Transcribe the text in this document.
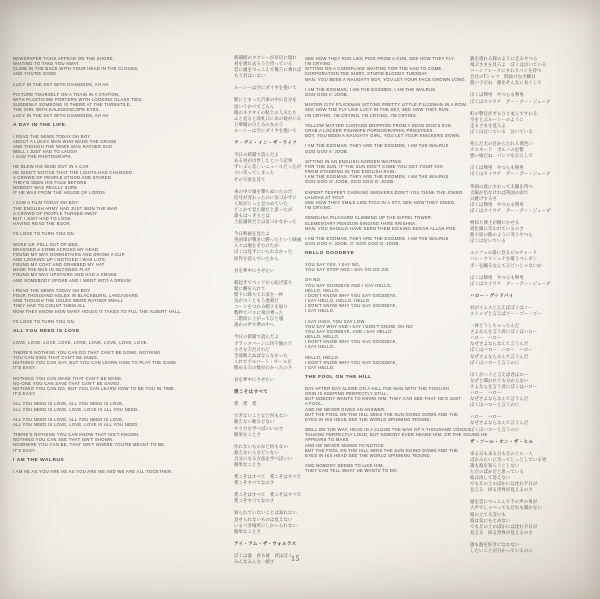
NEWSPAPER TAXIS APPEAR ON THE SHORE,
WAITING TO TAKE YOU AWAY.
CLIMB IN THE BACK WITH YOUR HEAD IN THE CLOUDS,
AND YOU'RE GONE
LUCY IN THE SKY WITH DIAMONDS, AH AH
PICTURE YOURSELF ON A TRAIN IN A STATION,
WITH PLASTICINE PORTERS WITH LOOKING GLASS TIES,
SUDDENLY SOMEONE IS THERE AT THE TURNSTILE,
THE GIRL WITH KALEIDOSCOPE EYES.
LUCY IN THE SKY WITH DIAMONDS, AH AH
A DAY IN THE LIFE.
I READ THE NEWS TODAY OH BOY
ABOUT A LUCKY MAN WHO MADE THE GRADE
AND THOUGH THE NEWS WAS RATHER SAD
WELL I JUST HAD TO LAUGH
I SAW THE PHOTOGRAPH.
HE BLEW HIS MIND OUT IN A CAR
HE DIDN'T NOTICE THAT THE LIGHTS HAD CHANGED
A CROWD OF PEOPLE STOOD AND STARED
THEY'D SEEN HIS FACE BEFORE
NOBODY WAS REALLY SURE
IF HE WAS FROM THE HOUSE OF LORDS.
I SAW A FILM TODAY OH BOY
THE ENGLISH ARMY HAD JUST WON THE WAR
A CROWD OF PEOPLE TURNED AWAY
BUT I JUST HAD TO LOOK
HAVING READ THE BOOK.
I'D LOVE TO TURN YOU ON
WOKE UP, FELL OUT OF BED,
DRAGGED A COMB ACROSS MY HEAD
FOUND MY WAY DOWNSTAIRS AND DRANK A CUP,
AND LOOKING UP I NOTICED I WAS LATE.
FOUND MY COAT AND GRABBED MY HAT
MADE THE BUS IN SECONDS FLAT
FOUND MY WAY UPSTAIRS AND HAD A SMOKE
AND SOMEBODY SPOKE AND I WENT INTO A DREAM
I READ THE NEWS TODAY OH BOY
FOUR THOUSAND HOLES IN BLACKBURN, LANCASHIRE
AND THOUGH THE HOLES WERE RATHER SMALL
THEY HAD TO COUNT THEM ALL
NOW THEY KNOW HOW MANY HOLES IT TAKES TO FILL THE ALBERT HALL.
I'D LOVE TO TURN YOU ON.
ALL YOU NEED IS LOVE
LOVE, LOVE, LOVE. LOVE, LOVE, LOVE. LOVE, LOVE, LOVE.
THERE'S NOTHING YOU CAN DO THAT CAN'T BE DONE. NOTHING
YOU CAN SING THAT CAN'T BE SUNG.
NOTHING YOU CAN SAY, BUT YOU CAN LEARN HOW TO PLAY THE GAME.
IT'S EASY.
NOTHING YOU CAN MAKE THAT CAN'T BE MADE.
NO-ONE YOU CAN SAVE THAT CAN'T BE SAVED.
NOTHING YOU CAN DO, BUT YOU CAN LEARN HOW TO BE YOU IN TIME.
IT'S EASY.
ALL YOU NEED IS LOVE, ALL YOU NEED IS LOVE,
ALL YOU NEED IS LOVE, LOVE, LOVE IS ALL YOU NEED.
ALL YOU NEED IS LOVE, ALL YOU NEED IS LOVE,
ALL YOU NEED IS LOVE, LOVE, LOVE IS ALL YOU NEED.
THERE'S NOTHING YOU CAN KNOW THAT ISN'T KNOWN.
NOTHING YOU CAN SEE THAT ISN'T SHOWN.
NOWHERE YOU CAN BE, THAT ISN'T WHERE YOU'RE MEANT TO BE.
IT'S EASY.
I AM THE WALRUS
I AM HE AS YOU ARE HE AS YOU ARE ME AND WE ARE ALL TOGETHER.
新聞紙のタクシーが岸辺に現れ
君を連れ去ろうと待っている
雲に頭をつっこんで後ろに乗れば
もう君はいない
ルーシーは空にダイヤを抱いて
駅にとまった汽車の中の自分を
思いうかべてごらん
鏡のネクタイの粘土の人夫たち
ふと見ると改札口にあの娘がいる
万華鏡のひとみの女の子
ルーシーは空にダイヤを抱いて
ア・デイ・イン・ザ・ライフ
今日の新聞で読んだよ
ある男が出世したという記事
ずいぶん悲しいニュースだったが
つい笑ってしまった
その写真を見て
車の中で頭を撃ちぬいたのだ
信号が変わったのに気づかずに
人垣がじっと見つめていた
どこかで見た顔だと思ったが
誰もはっきりとは
上院議員だとは気づかなかった
今日映画を見たよ
英国軍が戦争に勝ったという映画
人々は顔をそむけたが
ぼくは見ずにいられなかった
原作を読んでいたから
君を夢中にさせたい
朝起きてベッドから転げ落ち
髪に櫛を入れて
階下に降りてお茶を一杯
気がつくともう遅刻だ
コートをつかみ帽子を取り
数秒でバスに飛び乗った
二階席に上がってひと服
誰かの声で夢の中へ
今日の新聞で読んだよ
ブラックバーンに四千個の穴
小さな穴だけれど
全部数えねばならなかった
これでアルバート・ホールを
埋める穴の数がわかったのさ
君を夢中にさせたい
愛こそはすべて
愛　愛　愛
できないことなど何もない
歌えない歌などない
やり方を学べばいいのさ
簡単なことさ
作れないものなど何もない
救えない人などいない
自分になる方法を学べばいい
簡単なことさ
愛こそはすべて　愛こそはすべて
愛こそすべてなのさ
愛こそはすべて　愛こそはすべて
愛こそすべてなのさ
知られていないことは知れない
見せられないものは見えない
いるべき場所にしかいられない
簡単なことさ
アイ・アム・ザ・ウォルラス
ぼくは彼　君も彼　君はぼく
みんなみんな一緒さ
SEE HOW THEY RUN LIKE PIGS FROM A GUN, SEE HOW THEY FLY.
I'M CRYING.
SITTING ON A CORNFLAKE WAITING FOR THE VAN TO COME.
CORPORATION TEE SHIRT, STUPID BLOODY TUESDAY.
MAN, YOU BEEN A NAUGHTY BOY, YOU LET YOUR FACE GROWN LONG.
I AM THE EGGMAN, I AM THE EGGMEN, I AM THE WALRUS
GOO GOO A' JOOB.
MISTER CITY P'LICEMAN SITTING PRETTY LITTLE P'LICEMAN IN A ROW.
SEE HOW THE FLY LIKE LUCY IN THE SKY, SEE HOW THEY RUN.
I'M CRYING, I'M CRYING, I'M CRYING, I'M CRYING.
YELLOW MATTER CUSTARD DRIPPING FROM A DEAD DOG'S EYE.
CRAB A LOCKER FISHWIFE PORNOGRAPHIC PRIESTESS.
BOY, YOU BEEN A NAUGHTY GIRL, YOU LET YOUR KNICKERS DOWN.
I AM THE EGGMAN, THEY ARE THE EGGMEN, I AM THE WALRUS
GOO GOO A' JOOB.
SITTING IN AN ENGLISH GARDEN WAITING
FOR THE SUN. IF THE SUN DON'T COME YOU GET YOUR TAN
FROM STANDING IN THE ENGLISH RAIN.
I AM THE EGGMAN, THEY ARE THE EGGMEN, I AM THE WALRUS
GOO GOO G' JOOB, GOO GOO G' JOOB.
EXPERT TEXPERT CHOKING SMOKERS DON'T YOU THINK THE JOKER
LAUGHS AT YOU?
SEE HOW THEY SMILE LIKE PIGS IN A STY, SEE HOW THEY SNIED,
I'M CRYING.
SEMOLINA PILCHARD CLIMBING UP THE EIFFEL TOWER
ELEMENTARY PENGUIN SINGING HARE KRISHNA.
MAN, YOU SHOULD HAVE SEEN THEM KICKING EDGAR ALLAN POE.
I AM THE EGGMAN, THEY ARE THE EGGMEN, I AM THE WALRUS
GOO GOO A' JOOB, G' GOO GOO G' JOOB.
HELLO GOODBYE
YOU SAY YES, I SAY NO,
YOU SAY STOP AND I SAY GO GO GO.
OH NO
YOU SAY GOODBYE AND I SAY HELLO,
HELLO, HELLO.
I DON'T KNOW WHY YOU SAY GOODBYE,
I SAY HELLO, HELLO, HELLO.
I DON'T KNOW WHY YOU SAY GOODBYE,
I SAY HELLO.
I SAY HIGH, YOU SAY LOW,
YOU SAY WHY AND I SAY I DON'T KNOW, OH NO
YOU SAY GOODBYE, AND I SAY HELLO.
HELLO, HELLO.
I DON'T KNOW WHY YOU SAY GOODBYE,
I SAY HELLO.
HELLO, HELLO.
I DON'T KNOW WHY YOU SAY GOODBYE,
I SAY HELLO.
THE FOOL ON THE HILL
DAY AFTER DAY ALONE ON A HILL THE MAN WITH THE FOOLISH
GRIN IS KEEPING PERFECTLY STILL,
BUT NOBODY WANTS TO KNOW HIM, THEY CAN SEE THAT HE'S JUST
A FOOL,
AND HE NEVER GIVES AN ANSWER.
BUT THE FOOL ON THE HILL SEES THE SUN GOING DOWN AND THE
EYES IN HIS HEAD SEE THE WORLD SPINNING 'ROUND.
WELL ON THE WAY, HEAD IN A CLOUD THE MAN OF A THOUSAND VOICES
TALKING PERFECTLY LOUD, BUT NOBODY EVER HEARS HIM, OR THE SOUND HE
APPEARS TO MAKE
AND HE NEVER SEEMS TO NOTICE.
BUT THE FOOL ON THE HILL SEES THE SUN GOING DOWN AND THE
EYES IN HIS HEAD SEE THE WORLD SPINNING 'ROUND.
AND NOBODY SEEMS TO LIKE HIM,
THEY CAN TELL WHAT HE WANTS TO DO.
銃を逃れる豚のように走るやつら
飛ぶさまを見ろよ　ぼくは泣いている
コーンフレークにすわりバンを待つ
会社のTシャツ　間抜けな火曜日
悪い子だね　顔をそんなに長くして
ぼくは卵男　やつらも卵男
ぼくはセイウチ　グー・グー・ジューブ
町の警官がずらりと並んですわる
空をとぶルーシーのように
走るさまを見ろよ
ぼくは泣いている　泣いている
死んだ犬の目からたれる黄色い
カスタード　ポルノの尼僧
悪い娘だね　パンツをおろして
ぼくは卵男　やつらも卵男
ぼくはセイウチ　グー・グー・ジューブ
英国の庭にすわって太陽を待つ
太陽が出なければ英国の雨で
日焼けするさ
ぼくは卵男　やつらも卵男
ぼくはセイウチ　グー・グー・ジューブ
物知り博士が煙にむせる
道化師に笑われているのさ
豚小屋の豚のように笑うやつら
ぼくは泣いている
エッフェル塔に登るピルチャード
ハレ・クリシュナを歌うペンギン
ポーを蹴るなんてひどいじゃないか
ぼくは卵男　やつらも卵男
ぼくはセイウチ　グー・グー・ジューブ
ハロー・グッドバイ
君がイエスと言えばぼくはノー
ストップと言えばゴー・ゴー・ゴー
一体どうしちゃったんだ
さよならを言う君にぼくはハロー
ハロー　ハロー
なぜさよならなんて言うんだ
ぼくはハロー　ハロー　ハロー
なぜさよならなんて言うんだ
ぼくはハローと言うのに
ぼくがハイと言えば君はロー
なぜと聞かれても分からない
さよならを言う君にぼくはハロー
ハロー　ハロー
なぜさよならなんて言うんだ
ぼくはハローと言うのに
ハロー　ハロー
なぜさよならなんて言うんだ
ぼくはハローと言うのに
ザ・フール・オン・ザ・ヒル
来る日も来る日も丘の上に一人
ばかみたいに笑ってじっとしている男
誰も彼を知ろうとしない
ただのばかだと思っている
彼は決して答えない
でも丘の上のばかには沈む夕日が
見える　回る世界が見えるのさ
頭を雲につっこんで千の声の男が
大声でしゃべってもだれも聞かない
彼の立てる音にも
彼は気にもとめない
でも丘の上のばかには沈む夕日が
見える　回る世界が見えるのさ
誰も彼を好きになれない
したいことが分かっているのに
15
